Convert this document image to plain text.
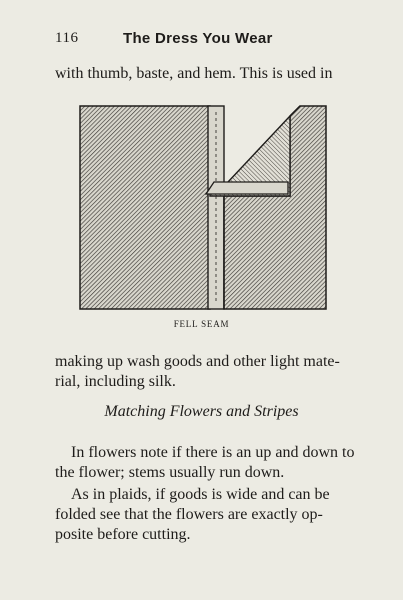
116	The Dress You Wear
with thumb, baste, and hem. This is used in
FELL SEAM
making up wash goods and other light mate-
rial, including silk.
Matching Flowers and Stripes
In flowers note if there is an up and down to
the flower; stems usually run down.
As in plaids, if goods is wide and can be
folded see that the flowers are exactly op-
posite before cutting.
